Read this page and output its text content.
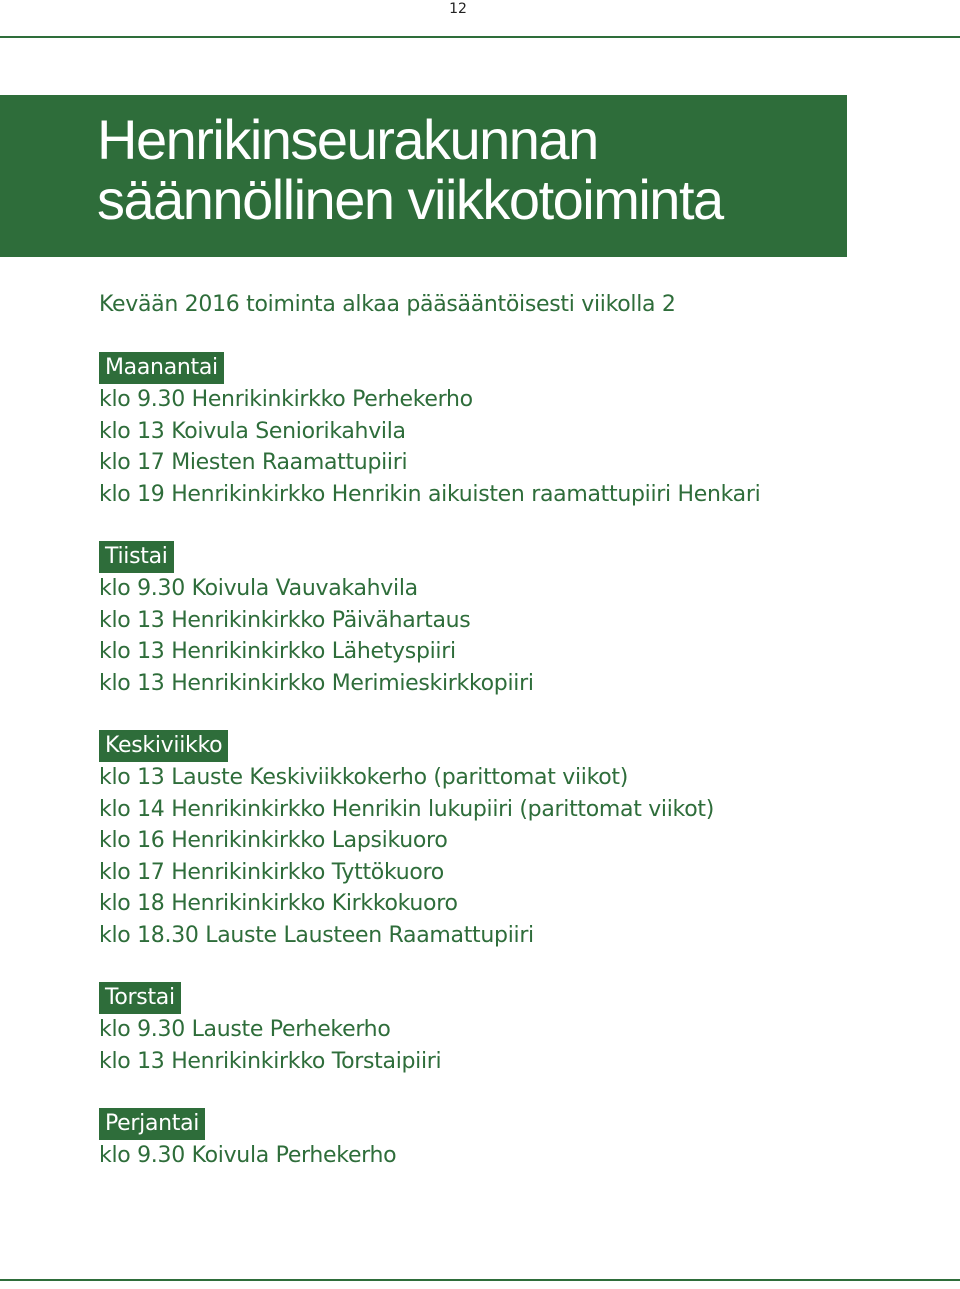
12
Henrikinseurakunnan
säännöllinen viikkotoiminta
Kevään 2016 toiminta alkaa pääsääntöisesti viikolla 2
Maanantai
klo 9.30 Henrikinkirkko Perhekerho
klo 13 Koivula Seniorikahvila
klo 17 Miesten Raamattupiiri
klo 19 Henrikinkirkko Henrikin aikuisten raamattupiiri Henkari
Tiistai
klo 9.30 Koivula Vauvakahvila
klo 13 Henrikinkirkko Päivähartaus
klo 13 Henrikinkirkko Lähetyspiiri
klo 13 Henrikinkirkko Merimieskirkkopiiri
Keskiviikko
klo 13 Lauste Keskiviikkokerho (parittomat viikot)
klo 14 Henrikinkirkko Henrikin lukupiiri (parittomat viikot)
klo 16 Henrikinkirkko Lapsikuoro
klo 17 Henrikinkirkko Tyttökuoro
klo 18 Henrikinkirkko Kirkkokuoro
klo 18.30 Lauste Lausteen Raamattupiiri
Torstai
klo 9.30 Lauste Perhekerho
klo 13 Henrikinkirkko Torstaipiiri
Perjantai
klo 9.30 Koivula Perhekerho
